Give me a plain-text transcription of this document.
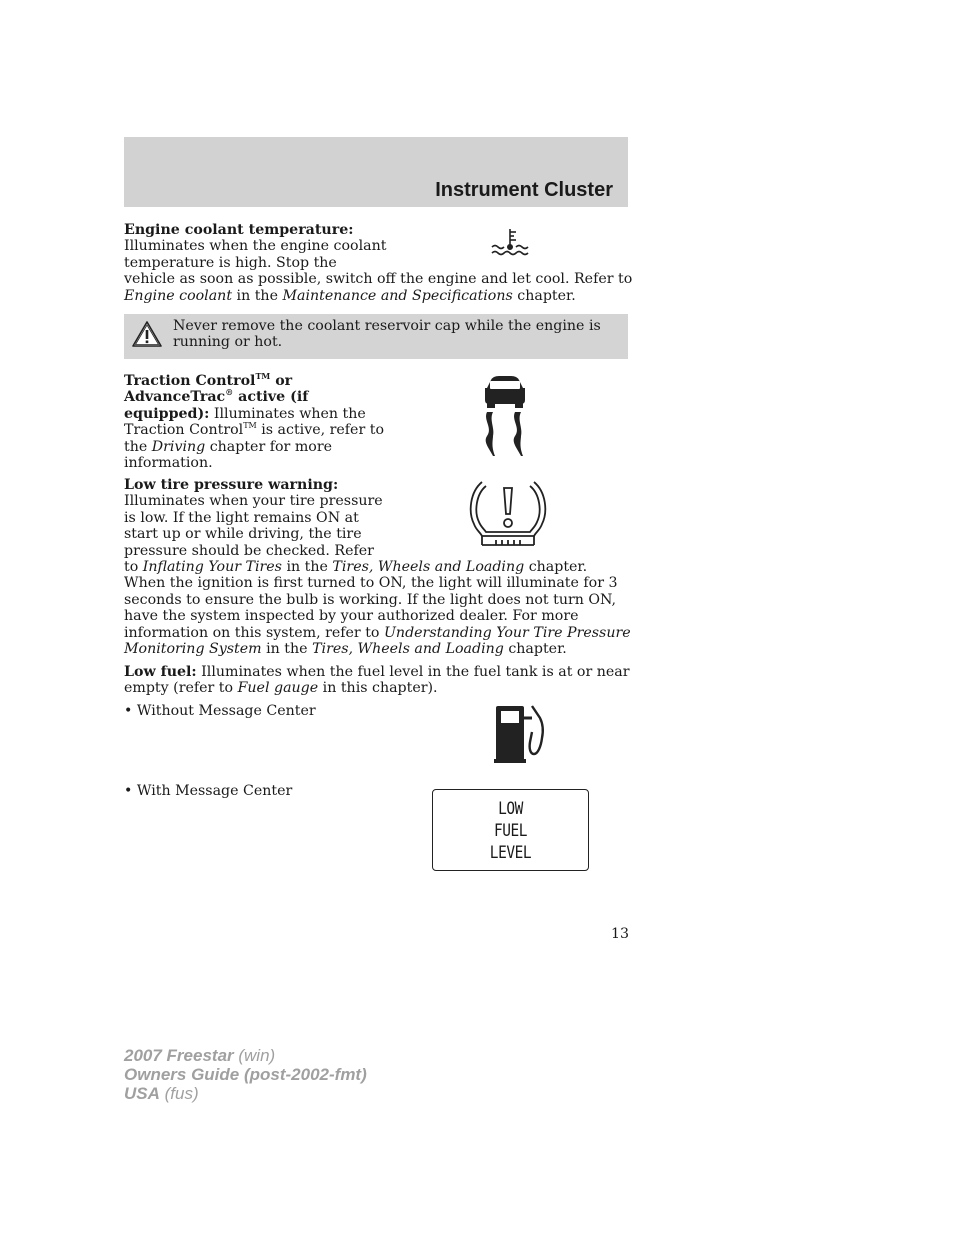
Instrument Cluster
Engine coolant temperature:
Illuminates when the engine coolant
temperature is high. Stop the
vehicle as soon as possible, switch off the engine and let cool. Refer to
Engine coolant in the Maintenance and Specifications chapter.
Never remove the coolant reservoir cap while the engine is running or hot.
Traction Control™ or
AdvanceTrac® active (if
equipped): Illuminates when the
Traction Control™ is active, refer to
the Driving chapter for more
information.
Low tire pressure warning:
Illuminates when your tire pressure
is low. If the light remains ON at
start up or while driving, the tire
pressure should be checked. Refer
to Inflating Your Tires in the Tires, Wheels and Loading chapter.
When the ignition is first turned to ON, the light will illuminate for 3
seconds to ensure the bulb is working. If the light does not turn ON,
have the system inspected by your authorized dealer. For more
information on this system, refer to Understanding Your Tire Pressure
Monitoring System in the Tires, Wheels and Loading chapter.
Low fuel: Illuminates when the fuel level in the fuel tank is at or near
empty (refer to Fuel gauge in this chapter).
• Without Message Center
• With Message Center
LOW
FUEL
LEVEL
13
2007 Freestar (win)
Owners Guide (post-2002-fmt)
USA (fus)
